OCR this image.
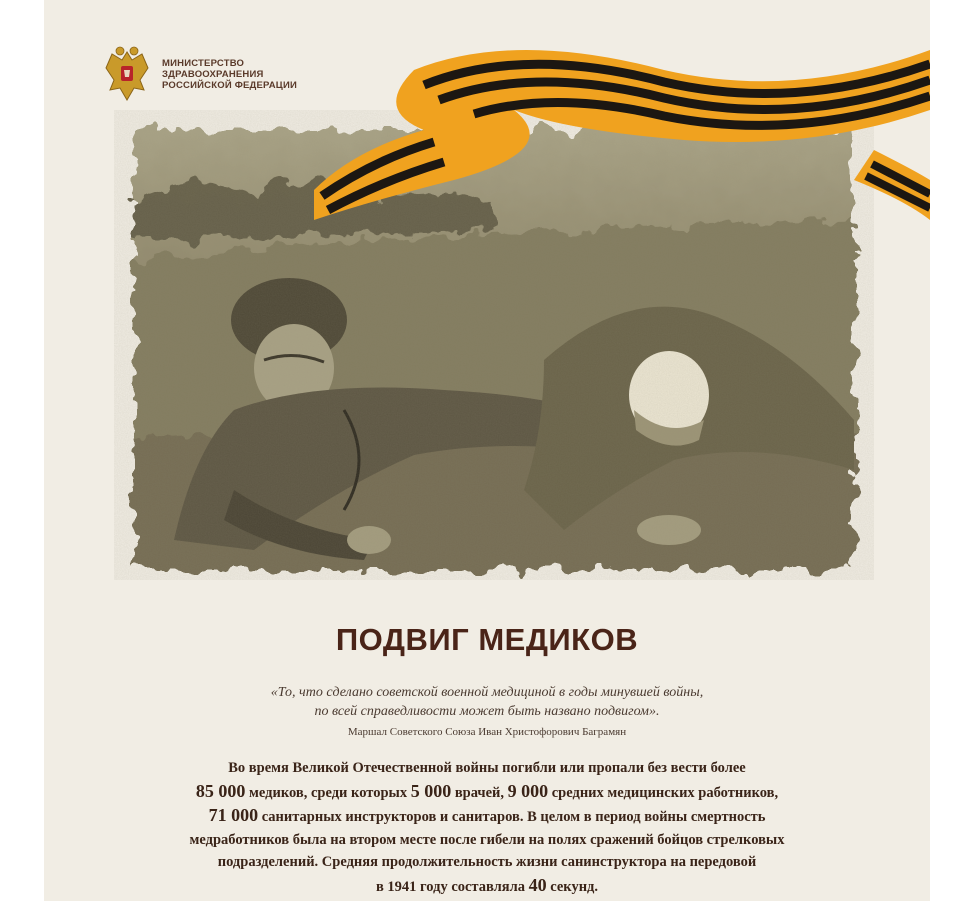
МИНИСТЕРСТВО
ЗДРАВООХРАНЕНИЯ
РОССИЙСКОЙ ФЕДЕРАЦИИ
ПОДВИГ МЕДИКОВ
«То, что сделано советской военной медициной в годы минувшей войны,
по всей справедливости может быть названо подвигом».
Маршал Советского Союза Иван Христофорович Баграмян
Во время Великой Отечественной войны погибли или пропали без вести более
85 000 медиков, среди которых 5 000 врачей, 9 000 средних медицинских работников,
71 000 санитарных инструкторов и санитаров. В целом в период войны смертность
медработников была на втором месте после гибели на полях сражений бойцов стрелковых
подразделений. Средняя продолжительность жизни санинструктора на передовой
в 1941 году составляла 40 секунд.
